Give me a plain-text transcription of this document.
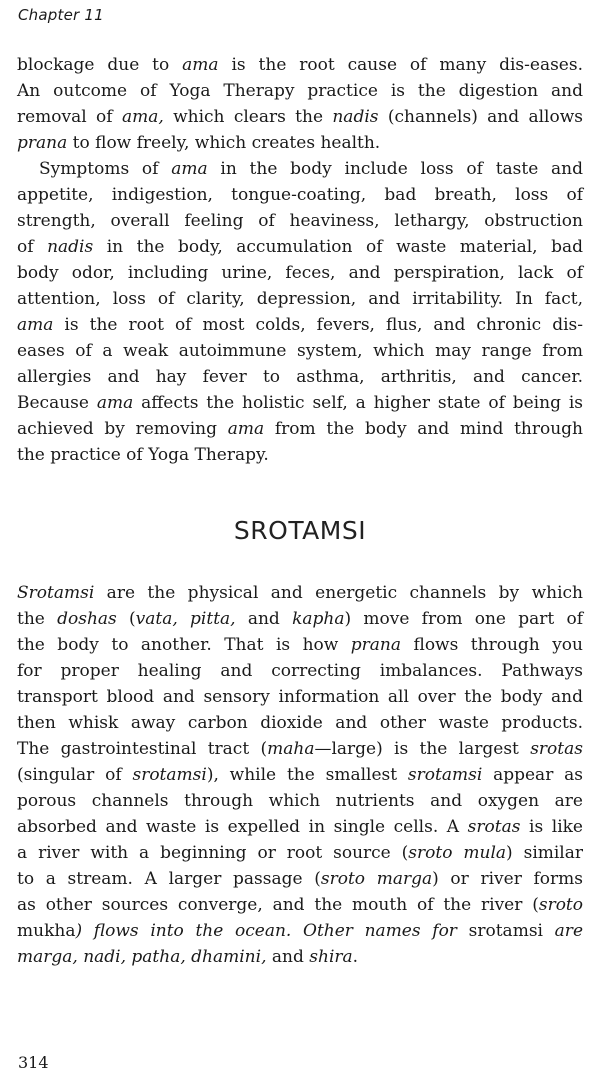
Chapter 11
blockage due to ama is the root cause of many dis-eases.
An outcome of Yoga Therapy practice is the digestion and
removal of ama, which clears the nadis (channels) and allows
prana to flow freely, which creates health.
Symptoms of ama in the body include loss of taste and
appetite, indigestion, tongue-coating, bad breath, loss of
strength, overall feeling of heaviness, lethargy, obstruction
of nadis in the body, accumulation of waste material, bad
body odor, including urine, feces, and perspiration, lack of
attention, loss of clarity, depression, and irritability. In fact,
ama is the root of most colds, fevers, flus, and chronic dis-
eases of a weak autoimmune system, which may range from
allergies and hay fever to asthma, arthritis, and cancer.
Because ama affects the holistic self, a higher state of being is
achieved by removing ama from the body and mind through
the practice of Yoga Therapy.
SROTAMSI
Srotamsi are the physical and energetic channels by which
the doshas (vata, pitta, and kapha) move from one part of
the body to another. That is how prana flows through you
for proper healing and correcting imbalances. Pathways
transport blood and sensory information all over the body and
then whisk away carbon dioxide and other waste products.
The gastrointestinal tract (maha—large) is the largest srotas
(singular of srotamsi), while the smallest srotamsi appear as
porous channels through which nutrients and oxygen are
absorbed and waste is expelled in single cells. A srotas is like
a river with a beginning or root source (sroto mula) similar
to a stream. A larger passage (sroto marga) or river forms
as other sources converge, and the mouth of the river (sroto
mukha) flows into the ocean. Other names for srotamsi are
marga, nadi, patha, dhamini, and shira.
314
